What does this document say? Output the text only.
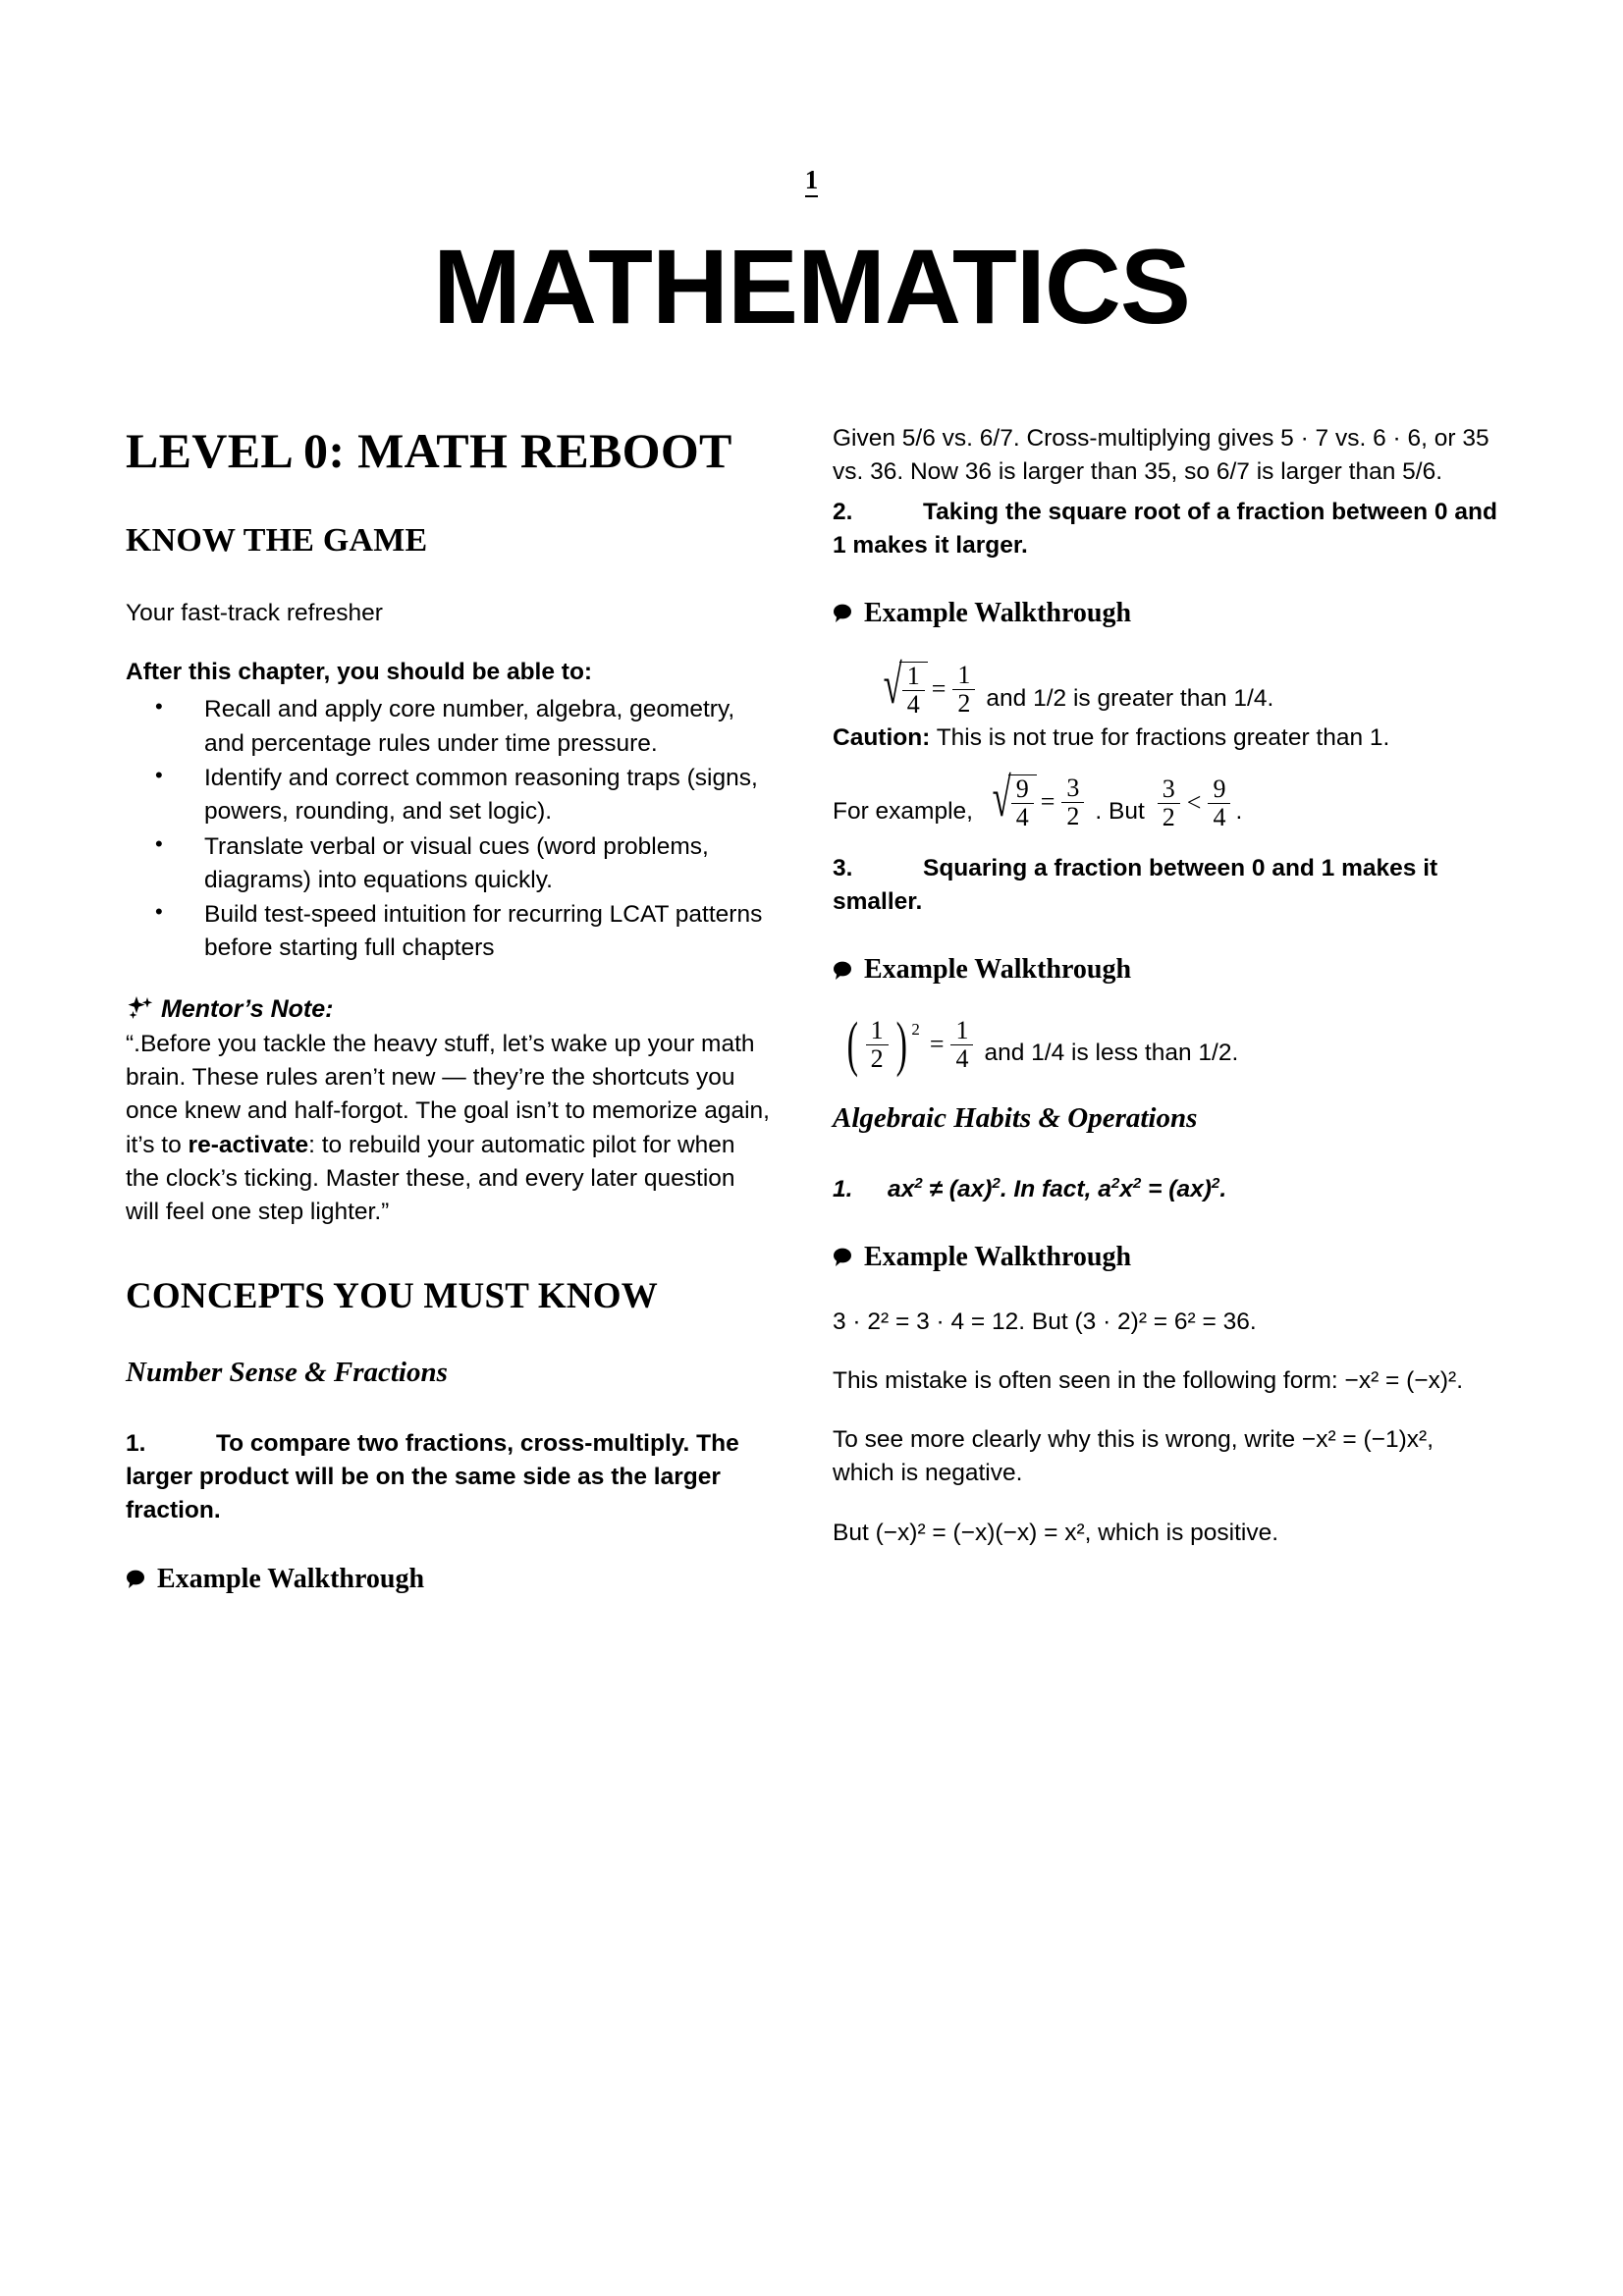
1
MATHEMATICS
LEVEL 0: MATH REBOOT
KNOW THE GAME

Your fast-track refresher

After this chapter, you should be able to:

• Recall and apply core number, algebra, geometry, and percentage rules under time pressure.
• Identify and correct common reasoning traps (signs, powers, rounding, and set logic).
• Translate verbal or visual cues (word problems, diagrams) into equations quickly.
• Build test-speed intuition for recurring LCAT patterns before starting full chapters
Mentor’s Note:

“.Before you tackle the heavy stuff, let’s wake up your math brain. These rules aren’t new — they’re the shortcuts you once knew and half-forgot. The goal isn’t to memorize again, it’s to re-activate: to rebuild your automatic pilot for when the clock’s ticking. Master these, and every later question will feel one step lighter.”

CONCEPTS YOU MUST KNOW
Number Sense & Fractions

1.	To compare two fractions, cross-multiply. The larger product will be on the same side as the larger fraction.

Example Walkthrough

Given 5/6 vs. 6/7. Cross-multiplying gives 5 · 7 vs. 6 · 6, or 35 vs. 36. Now 36 is larger than 35, so 6/7 is larger than 5/6.

2.	Taking the square root of a fraction between 0 and 1 makes it larger.

Example Walkthrough
√ $\frac{1}{4} = \frac{1}{2}$ and 1/2 is greater than 1/4.

Caution: This is not true for fractions greater than 1.

For example, √ $\frac{9}{4} = \frac{3}{2}$ . But $\frac{3}{2} < \frac{9}{4}$ .

3.	Squaring a fraction between 0 and 1 makes it smaller.

Example Walkthrough
( $\frac{1}{2}$ ) 2
= $\frac{1}{4}$ and 1/4 is less than 1/2.
Algebraic Habits & Operations

1. $ax^2 \ne (ax)^2$. In fact, $a^2x^2 = (ax)^2$.

Example Walkthrough

3 · 2² = 3 · 4 = 12. But (3 · 2)² = 6² = 36.

This mistake is often seen in the following form: −x² = (−x)².

To see more clearly why this is wrong, write −x² = (−1)x², which is negative.

But (−x)² = (−x)(−x) = x², which is positive.
